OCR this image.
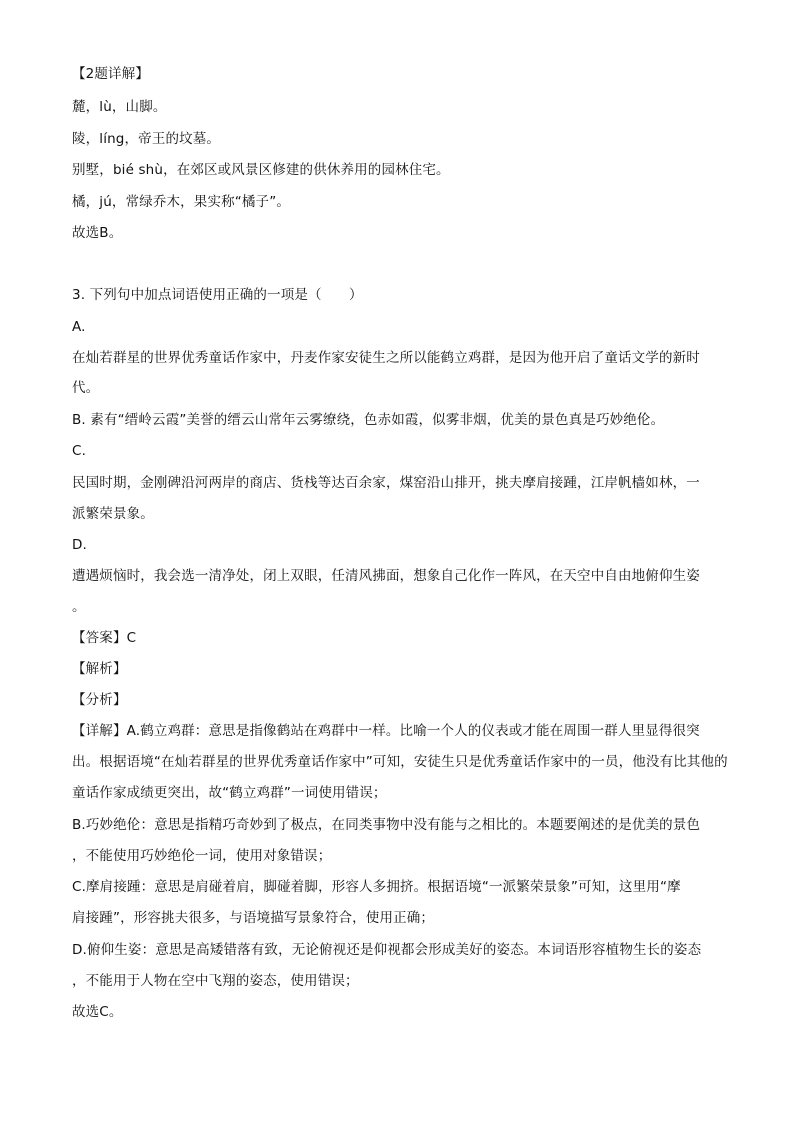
【2题详解】
麓，lù，山脚。
陵，líng，帝王的坟墓。
别墅，bié shù，在郊区或风景区修建的供休养用的园林住宅。
橘，jú，常绿乔木，果实称“橘子”。
故选B。
3. 下列句中加点词语使用正确的一项是（　　）
A.
在灿若群星的世界优秀童话作家中，丹麦作家安徒生之所以能鹤立鸡群，是因为他开启了童话文学的新时
代。
B. 素有“缙岭云霞”美誉的缙云山常年云雾缭绕，色赤如霞，似雾非烟，优美的景色真是巧妙绝伦。
C.
民国时期，金刚碑沿河两岸的商店、货栈等达百余家，煤窑沿山排开，挑夫摩肩接踵，江岸帆樯如林，一
派繁荣景象。
D.
遭遇烦恼时，我会选一清净处，闭上双眼，任清风拂面，想象自己化作一阵风，在天空中自由地俯仰生姿
。
【答案】C
【解析】
【分析】
【详解】A.鹤立鸡群：意思是指像鹤站在鸡群中一样。比喻一个人的仪表或才能在周围一群人里显得很突
出。根据语境“在灿若群星的世界优秀童话作家中”可知，安徒生只是优秀童话作家中的一员，他没有比其他的
童话作家成绩更突出，故“鹤立鸡群”一词使用错误；
B.巧妙绝伦：意思是指精巧奇妙到了极点，在同类事物中没有能与之相比的。本题要阐述的是优美的景色
，不能使用巧妙绝伦一词，使用对象错误；
C.摩肩接踵：意思是肩碰着肩，脚碰着脚，形容人多拥挤。根据语境“一派繁荣景象”可知，这里用“摩
肩接踵”，形容挑夫很多，与语境描写景象符合，使用正确；
D.俯仰生姿：意思是高矮错落有致，无论俯视还是仰视都会形成美好的姿态。本词语形容植物生长的姿态
，不能用于人物在空中飞翔的姿态，使用错误；
故选C。
